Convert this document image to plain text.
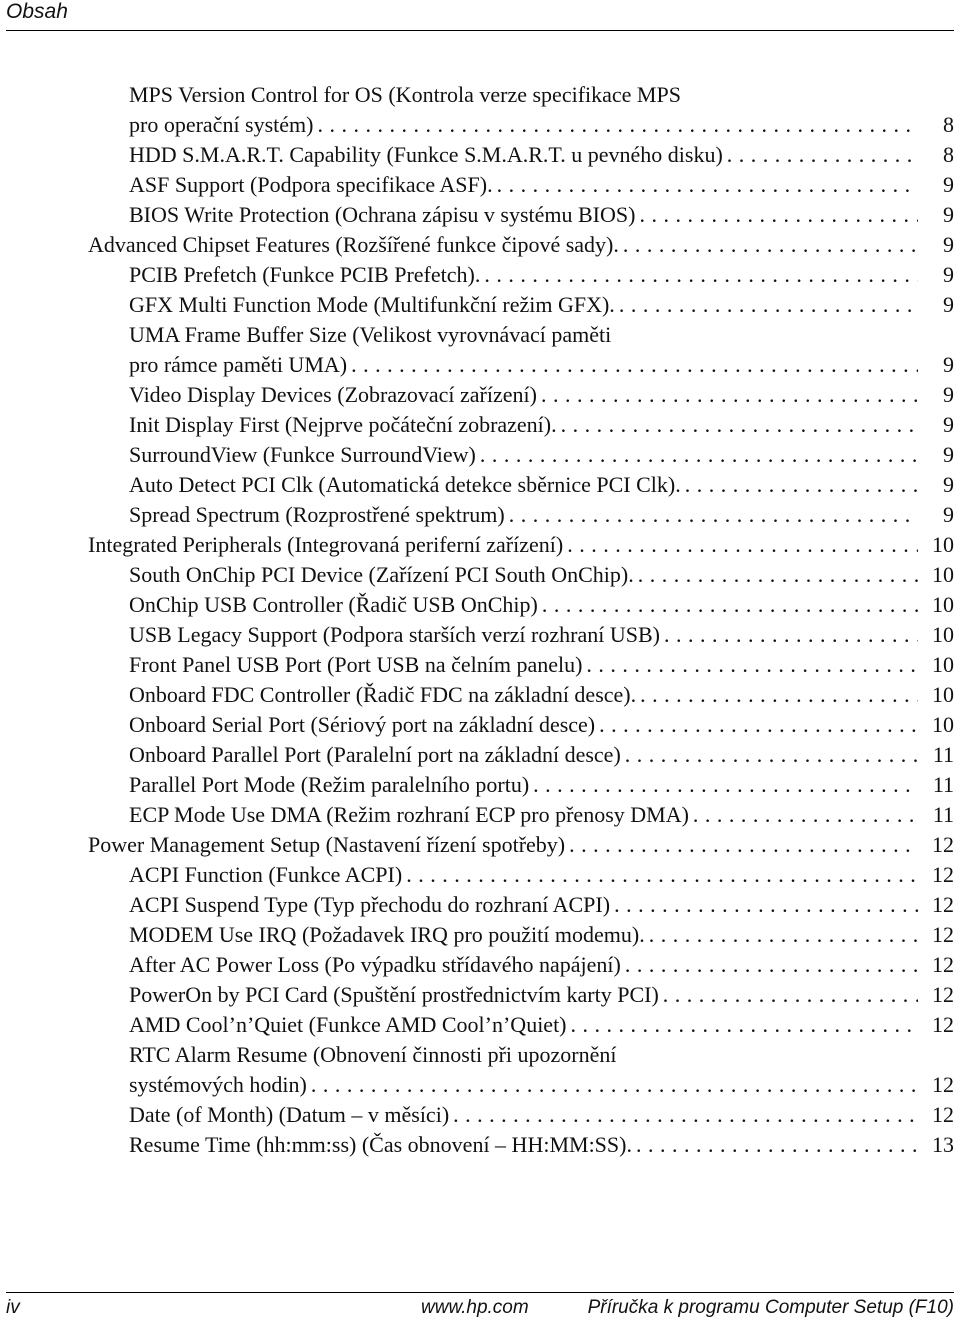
Obsah
MPS Version Control for OS (Kontrola verze specifikace MPS
pro operační systém) . . .	8
HDD S.M.A.R.T. Capability (Funkce S.M.A.R.T. u pevného disku) . . .	8
ASF Support (Podpora specifikace ASF). . . .	9
BIOS Write Protection (Ochrana zápisu v systému BIOS) . . .	9
Advanced Chipset Features (Rozšířené funkce čipové sady). . . .	9
PCIB Prefetch (Funkce PCIB Prefetch). . . .	9
GFX Multi Function Mode (Multifunkční režim GFX). . . .	9
UMA Frame Buffer Size (Velikost vyrovnávací paměti
pro rámce paměti UMA) . . .	9
Video Display Devices (Zobrazovací zařízení) . . .	9
Init Display First (Nejprve počáteční zobrazení). . . .	9
SurroundView (Funkce SurroundView) . . .	9
Auto Detect PCI Clk (Automatická detekce sběrnice PCI Clk). . . .	9
Spread Spectrum (Rozprostřené spektrum) . . .	9
Integrated Peripherals (Integrovaná periferní zařízení) . . .	10
South OnChip PCI Device (Zařízení PCI South OnChip). . . .	10
OnChip USB Controller (Řadič USB OnChip) . . .	10
USB Legacy Support (Podpora starších verzí rozhraní USB) . . .	10
Front Panel USB Port (Port USB na čelním panelu) . . .	10
Onboard FDC Controller (Řadič FDC na základní desce). . . .	10
Onboard Serial Port (Sériový port na základní desce) . . .	10
Onboard Parallel Port (Paralelní port na základní desce) . . .	11
Parallel Port Mode (Režim paralelního portu) . . .	11
ECP Mode Use DMA (Režim rozhraní ECP pro přenosy DMA) . . .	11
Power Management Setup (Nastavení řízení spotřeby) . . .	12
ACPI Function (Funkce ACPI) . . .	12
ACPI Suspend Type (Typ přechodu do rozhraní ACPI) . . .	12
MODEM Use IRQ (Požadavek IRQ pro použití modemu). . . .	12
After AC Power Loss (Po výpadku střídavého napájení) . . .	12
PowerOn by PCI Card (Spuštění prostřednictvím karty PCI) . . .	12
AMD Cool’n’Quiet (Funkce AMD Cool’n’Quiet) . . .	12
RTC Alarm Resume (Obnovení činnosti při upozornění
systémových hodin) . . .	12
Date (of Month) (Datum – v měsíci) . . .	12
Resume Time (hh:mm:ss) (Čas obnovení – HH:MM:SS). . . .	13
iv	www.hp.com	Příručka k programu Computer Setup (F10)
